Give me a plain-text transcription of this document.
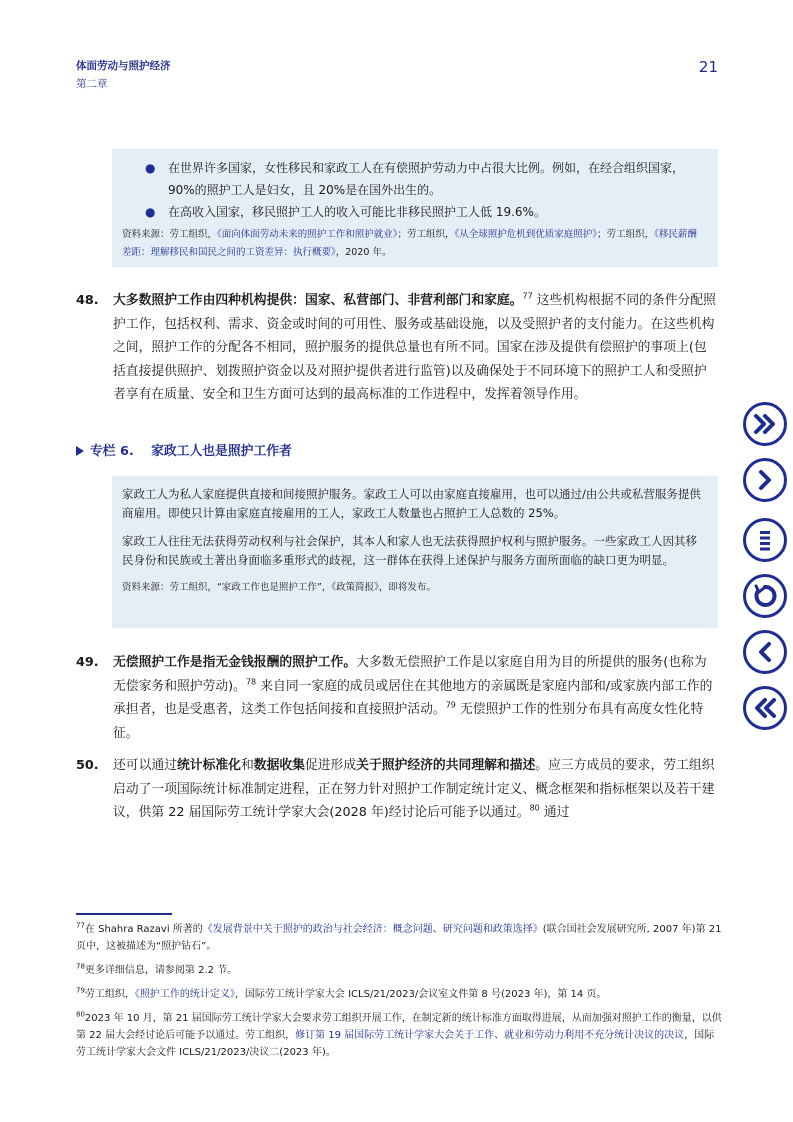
体面劳动与照护经济
第二章
21
● 在世界许多国家，女性移民和家政工人在有偿照护劳动力中占很大比例。例如，在经合组织国家，90%的照护工人是妇女，且 20%是在国外出生的。
● 在高收入国家，移民照护工人的收入可能比非移民照护工人低 19.6%。
资料来源：劳工组织，《面向体面劳动未来的照护工作和照护就业》；劳工组织，《从全球照护危机到优质家庭照护》；劳工组织，《移民薪酬差距：理解移民和国民之间的工资差异：执行概要》，2020 年。
48. 大多数照护工作由四种机构提供：国家、私营部门、非营利部门和家庭。$^{77}$ 这些机构根据不同的条件分配照护工作，包括权利、需求、资金或时间的可用性、服务或基础设施，以及受照护者的支付能力。在这些机构之间，照护工作的分配各不相同，照护服务的提供总量也有所不同。国家在涉及提供有偿照护的事项上(包括直接提供照护、划拨照护资金以及对照护提供者进行监管)以及确保处于不同环境下的照护工人和受照护者享有在质量、安全和卫生方面可达到的最高标准的工作进程中，发挥着领导作用。
专栏 6.　 家政工人也是照护工作者

家政工人为私人家庭提供直接和间接照护服务。家政工人可以由家庭直接雇用，也可以通过/由公共或私营服务提供商雇用。即使只计算由家庭直接雇用的工人，家政工人数量也占照护工人总数的 25%。

家政工人往往无法获得劳动权利与社会保护，其本人和家人也无法获得照护权利与照护服务。一些家政工人因其移民身份和民族或土著出身面临多重形式的歧视，这一群体在获得上述保护与服务方面所面临的缺口更为明显。

资料来源：劳工组织，“家政工作也是照护工作”，《政策简报》，即将发布。
49. 无偿照护工作是指无金钱报酬的照护工作。大多数无偿照护工作是以家庭自用为目的所提供的服务(也称为无偿家务和照护劳动)。$^{78}$ 来自同一家庭的成员或居住在其他地方的亲属既是家庭内部和/或家族内部工作的承担者，也是受惠者，这类工作包括间接和直接照护活动。$^{79}$ 无偿照护工作的性别分布具有高度女性化特征。
50. 还可以通过统计标准化和数据收集促进形成关于照护经济的共同理解和描述。应三方成员的要求，劳工组织启动了一项国际统计标准制定进程，正在努力针对照护工作制定统计定义、概念框架和指标框架以及若干建议，供第 22 届国际劳工统计学家大会(2028 年)经讨论后可能予以通过。$^{80}$ 通过
$^{77}$在 Shahra Razavi 所著的《发展背景中关于照护的政治与社会经济：概念问题、研究问题和政策选择》(联合国社会发展研究所, 2007 年)第 21 页中，这被描述为“照护钻石”。
$^{78}$更多详细信息，请参阅第 2.2 节。
$^{79}$劳工组织，《照护工作的统计定义》，国际劳工统计学家大会 ICLS/21/2023/会议室文件第 8 号(2023 年)，第 14 页。
$^{80}$2023 年 10 月，第 21 届国际劳工统计学家大会要求劳工组织开展工作，在制定新的统计标准方面取得进展，从而加强对照护工作的衡量，以供第 22 届大会经讨论后可能予以通过。劳工组织，修订第 19 届国际劳工统计学家大会关于工作、就业和劳动力利用不充分统计决议的决议，国际劳工统计学家大会文件 ICLS/21/2023/决议二(2023 年)。
